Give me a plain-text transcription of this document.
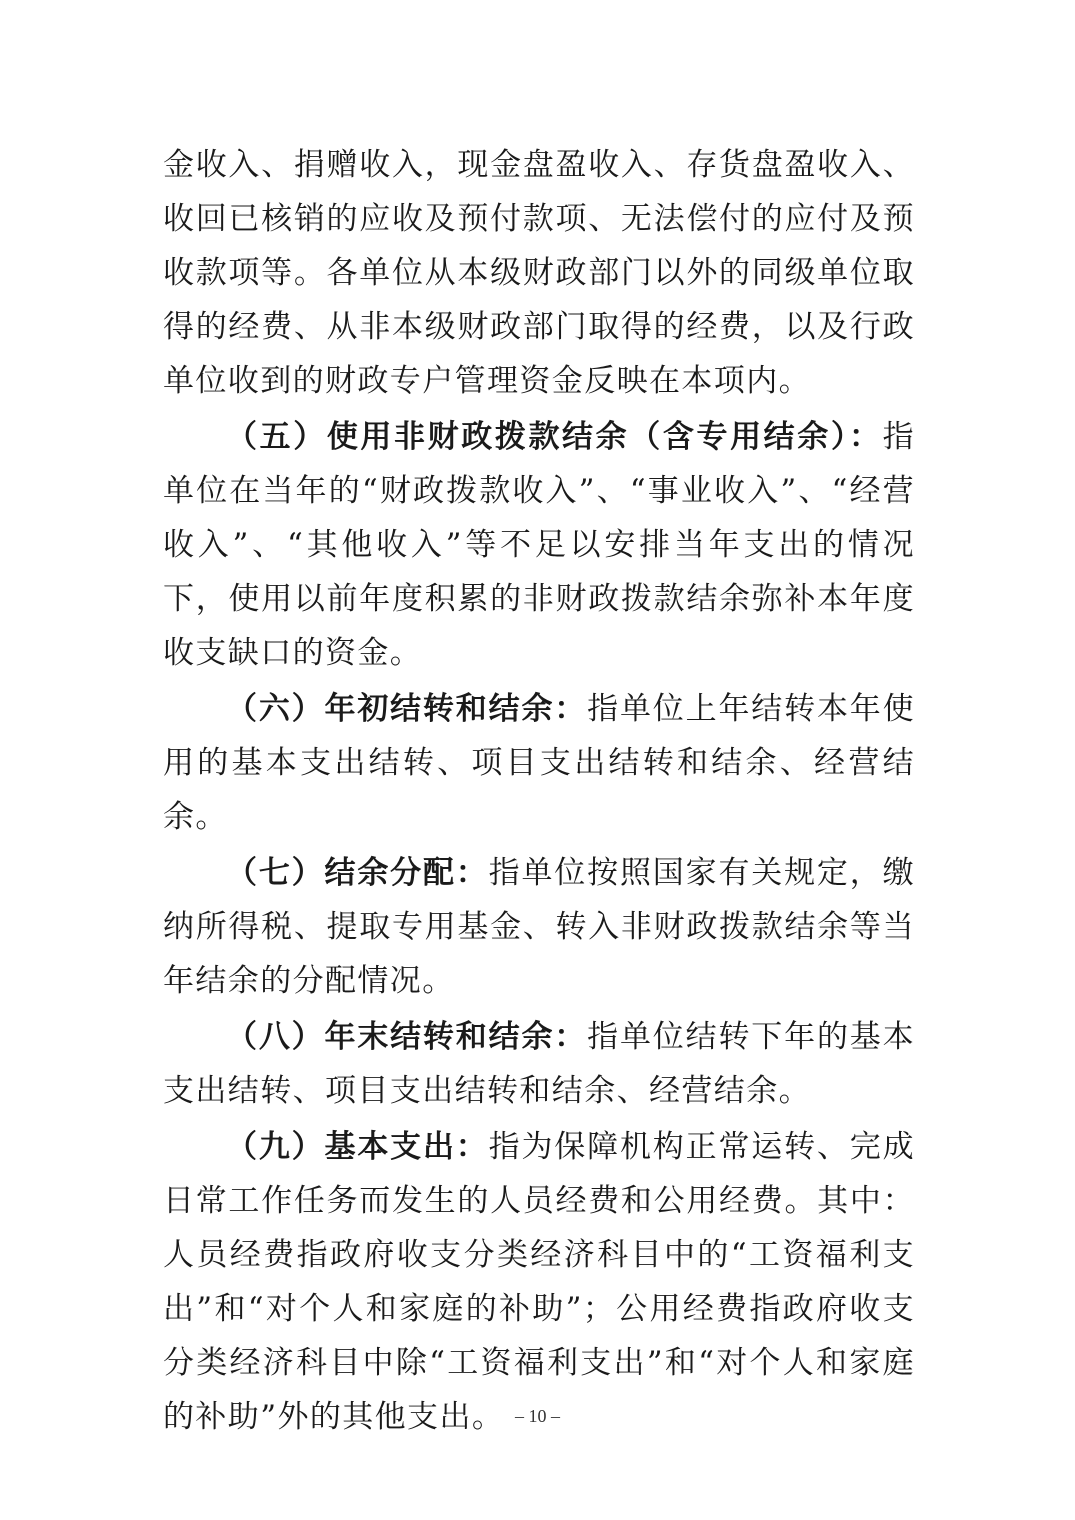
金收入、捐赠收入，现金盘盈收入、存货盘盈收入、收回已核销的应收及预付款项、无法偿付的应付及预收款项等。各单位从本级财政部门以外的同级单位取得的经费、从非本级财政部门取得的经费，以及行政单位收到的财政专户管理资金反映在本项内。

（五）使用非财政拨款结余（含专用结余）：指单位在当年的“财政拨款收入”、“事业收入”、“经营收入”、“其他收入”等不足以安排当年支出的情况下，使用以前年度积累的非财政拨款结余弥补本年度收支缺口的资金。

（六）年初结转和结余：指单位上年结转本年使用的基本支出结转、项目支出结转和结余、经营结余。

（七）结余分配：指单位按照国家有关规定，缴纳所得税、提取专用基金、转入非财政拨款结余等当年结余的分配情况。

（八）年末结转和结余：指单位结转下年的基本支出结转、项目支出结转和结余、经营结余。

（九）基本支出：指为保障机构正常运转、完成日常工作任务而发生的人员经费和公用经费。其中：人员经费指政府收支分类经济科目中的“工资福利支出”和“对个人和家庭的补助”；公用经费指政府收支分类经济科目中除“工资福利支出”和“对个人和家庭的补助”外的其他支出。 – 10 –
